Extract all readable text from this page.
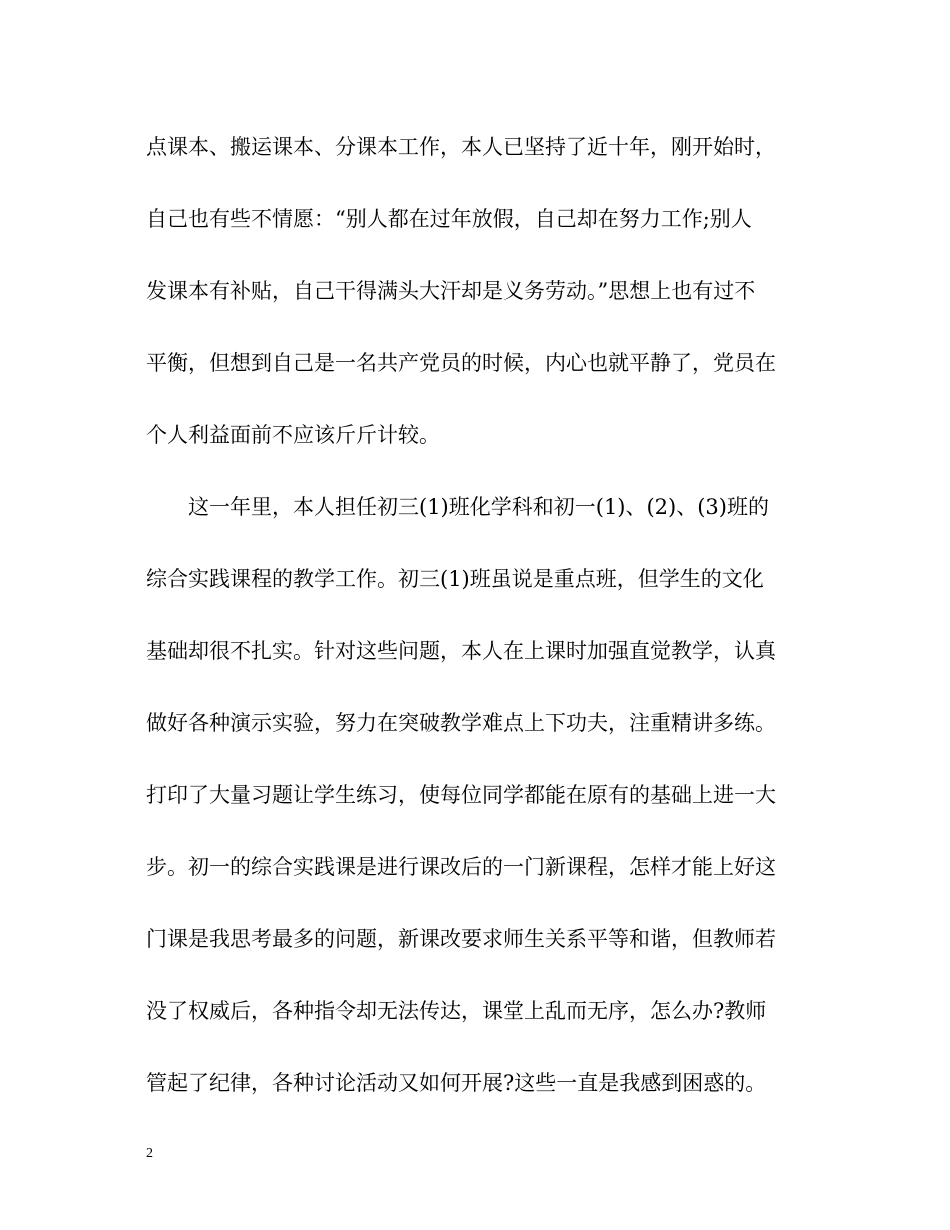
点课本、搬运课本、分课本工作，本人已坚持了近十年，刚开始时，
自己也有些不情愿：“别人都在过年放假，自己却在努力工作;别人
发课本有补贴，自己干得满头大汗却是义务劳动。”思想上也有过不
平衡，但想到自己是一名共产党员的时候，内心也就平静了，党员在
个人利益面前不应该斤斤计较。
这一年里，本人担任初三(1)班化学科和初一(1)、(2)、(3)班的
综合实践课程的教学工作。初三(1)班虽说是重点班，但学生的文化
基础却很不扎实。针对这些问题，本人在上课时加强直觉教学，认真
做好各种演示实验，努力在突破教学难点上下功夫，注重精讲多练。
打印了大量习题让学生练习，使每位同学都能在原有的基础上进一大
步。初一的综合实践课是进行课改后的一门新课程，怎样才能上好这
门课是我思考最多的问题，新课改要求师生关系平等和谐，但教师若
没了权威后，各种指令却无法传达，课堂上乱而无序，怎么办?教师
管起了纪律，各种讨论活动又如何开展?这些一直是我感到困惑的。
2
